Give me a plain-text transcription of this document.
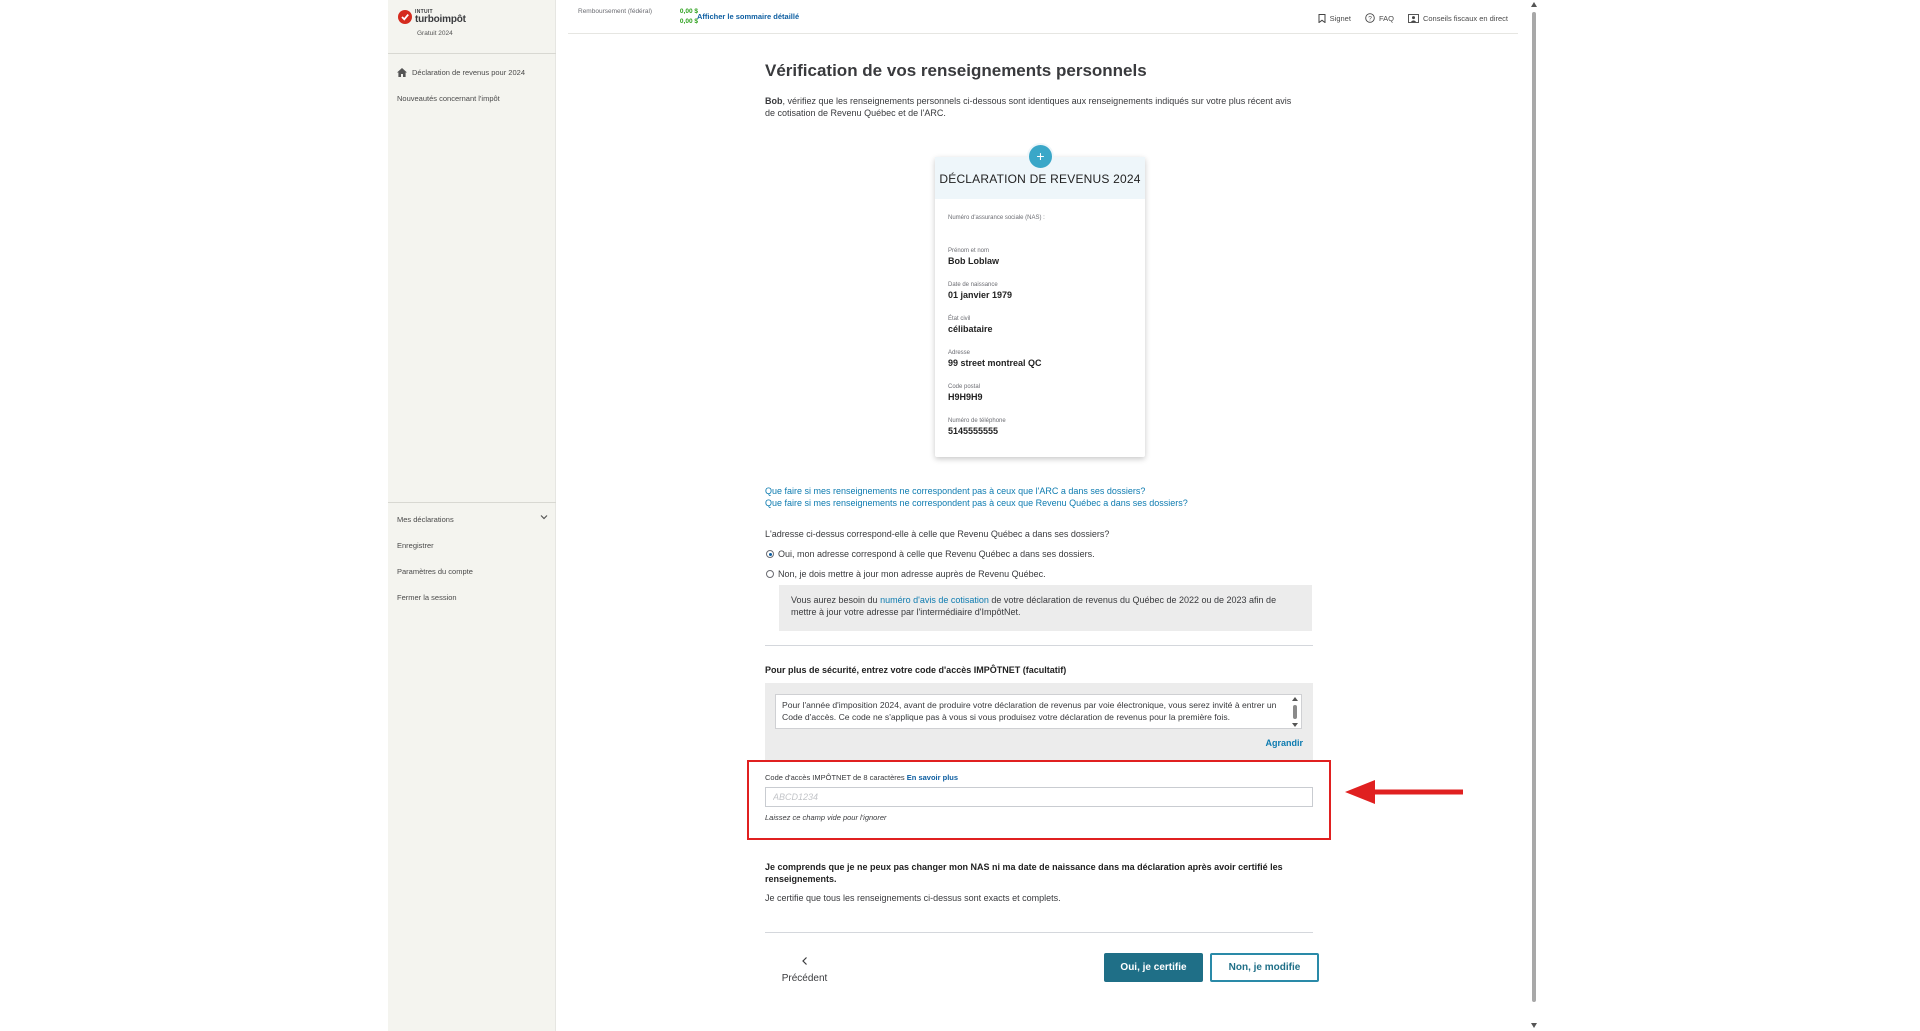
INTUIT
turboimpôt
Gratuit 2024
Déclaration de revenus pour 2024
Nouveautés concernant l'impôt
Mes déclarations
Enregistrer
Paramètres du compte
Fermer la session
Remboursement (fédéral)	0,00 $
0,00 $
Afficher le sommaire détaillé	Signet	? FAQ	Conseils fiscaux en direct
Vérification de vos renseignements personnels

Bob, vérifiez que les renseignements personnels ci-dessous sont identiques aux renseignements indiqués sur votre plus récent avis de cotisation de Revenu Québec et de l'ARC.

+
DÉCLARATION DE REVENUS 2024
Numéro d'assurance sociale (NAS) :
Prénom et nom
Bob Loblaw
Date de naissance
01 janvier 1979
État civil
célibataire
Adresse
99 street montreal QC
Code postal
H9H9H9
Numéro de téléphone
5145555555
Que faire si mes renseignements ne correspondent pas à ceux que l'ARC a dans ses dossiers?
Que faire si mes renseignements ne correspondent pas à ceux que Revenu Québec a dans ses dossiers?
L'adresse ci-dessus correspond-elle à celle que Revenu Québec a dans ses dossiers?
Oui, mon adresse correspond à celle que Revenu Québec a dans ses dossiers.
Non, je dois mettre à jour mon adresse auprès de Revenu Québec.
Vous aurez besoin du numéro d'avis de cotisation de votre déclaration de revenus du Québec de 2022 ou de 2023 afin de mettre à jour votre adresse par l'intermédiaire d'ImpôtNet.
Pour plus de sécurité, entrez votre code d'accès IMPÔTNET (facultatif)
Pour l'année d'imposition 2024, avant de produire votre déclaration de revenus par voie électronique, vous serez invité à entrer un Code d'accès. Ce code ne s'applique pas à vous si vous produisez votre déclaration de revenus pour la première fois.
Agrandir
Code d'accès IMPÔTNET de 8 caractères En savoir plus
ABCD1234
Laissez ce champ vide pour l'ignorer
Je comprends que je ne peux pas changer mon NAS ni ma date de naissance dans ma déclaration après avoir certifié les renseignements.
Je certifie que tous les renseignements ci-dessus sont exacts et complets.
Précédent
Oui, je certifie	Non, je modifie
